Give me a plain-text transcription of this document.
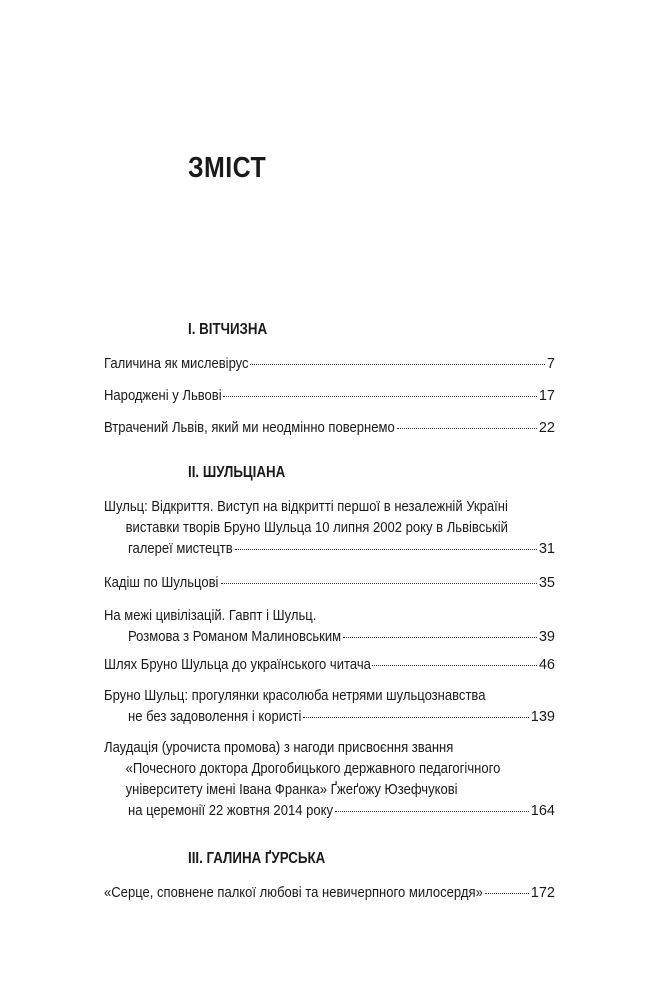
ЗМІСТ
І. ВІТЧИЗНА
Галичина як мислевірус	7
Народжені у Львові	17
Втрачений Львів, який ми неодмінно повернемо	22
ІІ. ШУЛЬЦІАНА
Шульц: Відкриття. Виступ на відкритті першої в незалежній Україні
виставки творів Бруно Шульца 10 липня 2002 року в Львівській
галереї мистецтв	31
Кадіш по Шульцові	35
На межі цивілізацій. Гавпт і Шульц.
Розмова з Романом Малиновським	39
Шлях Бруно Шульца до українського читача	46
Бруно Шульц: прогулянки красолюба нетрями шульцознавства
не без задоволення і користі	139
Лаудація (урочиста промова) з нагоди присвоєння звання
«Почесного доктора Дрогобицького державного педагогічного
університету імені Івана Франка» Ґжеґожу Юзефчукові
на церемонії 22 жовтня 2014 року	164
ІІІ. ГАЛИНА ҐУРСЬКА
«Серце, сповнене палкої любові та невичерпного милосердя»	172
